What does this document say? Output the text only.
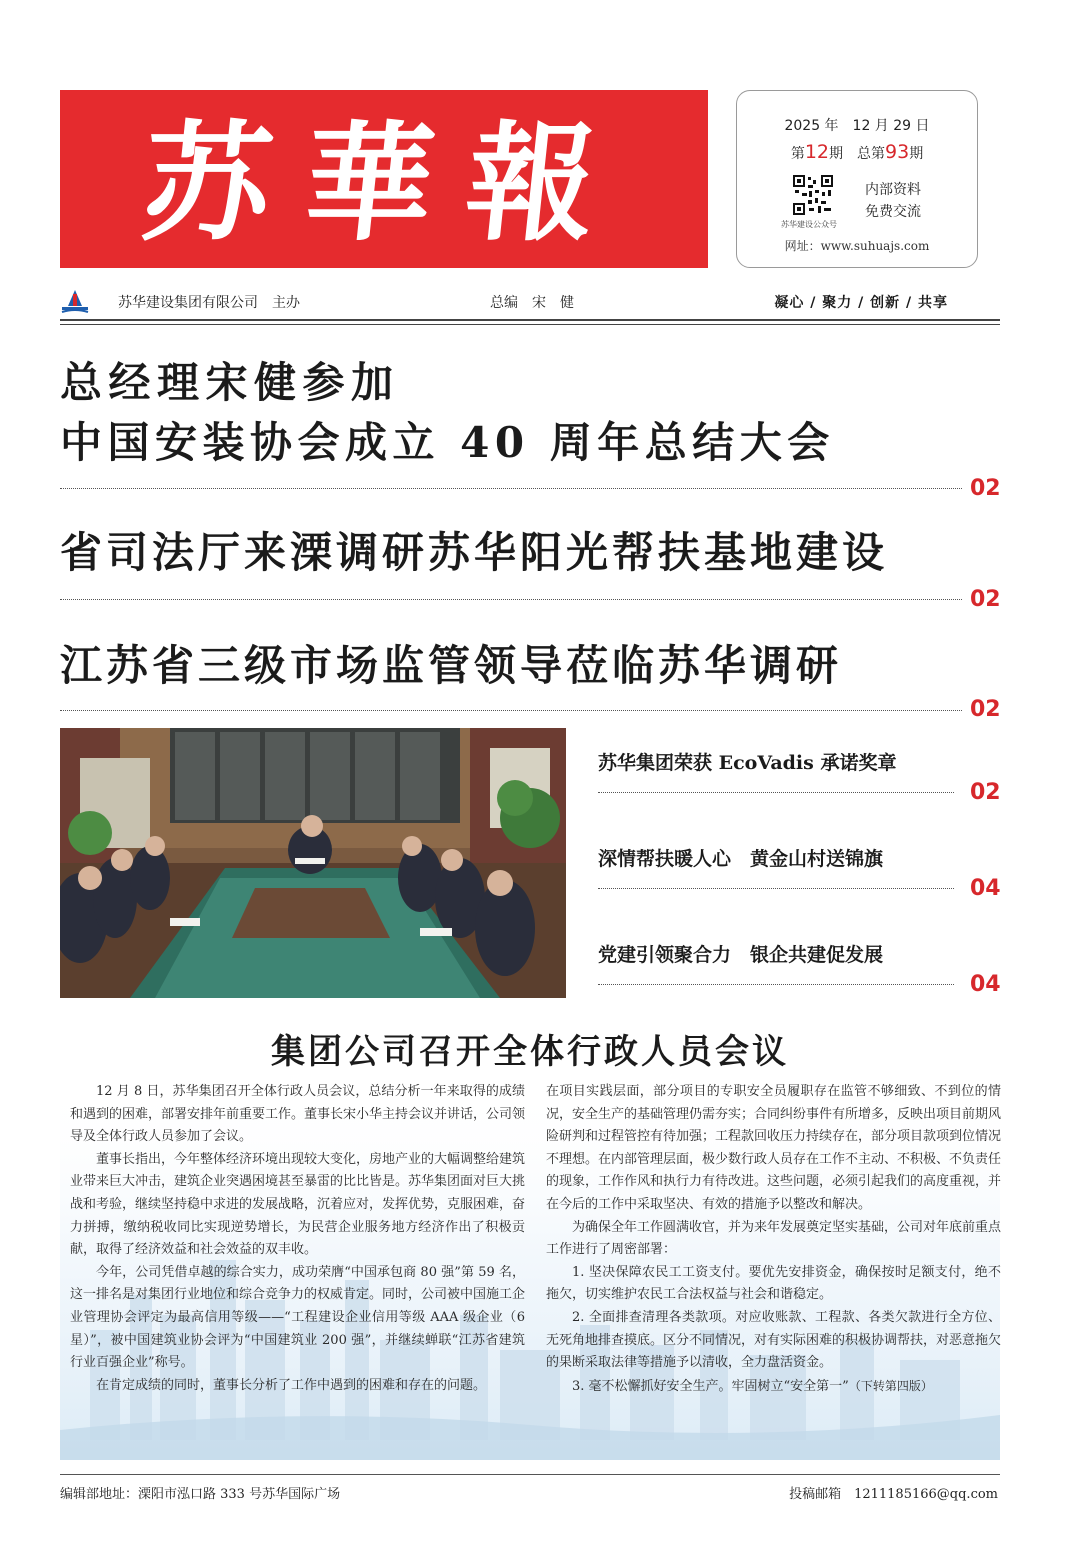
苏華報	2025 年　12 月 29 日
第12期　总第93期
苏华建设公众号
内部资料
免费交流
网址：www.suhuajs.com
苏华建设集团有限公司　主办	总编　宋　健	凝心 / 聚力 / 创新 / 共享
总经理宋健参加
中国安装协会成立 40 周年总结大会
02
省司法厅来溧调研苏华阳光帮扶基地建设
02
江苏省三级市场监管领导莅临苏华调研
02
苏华集团荣获 EcoVadis 承诺奖章
02
深情帮扶暖人心　黄金山村送锦旗
04
党建引领聚合力　银企共建促发展
04
集团公司召开全体行政人员会议

12 月 8 日，苏华集团召开全体行政人员会议，总结分析一年来取得的成绩和遇到的困难，部署安排年前重要工作。董事长宋小华主持会议并讲话，公司领导及全体行政人员参加了会议。

董事长指出，今年整体经济环境出现较大变化，房地产业的大幅调整给建筑业带来巨大冲击，建筑企业突遇困境甚至暴雷的比比皆是。苏华集团面对巨大挑战和考验，继续坚持稳中求进的发展战略，沉着应对，发挥优势，克服困难，奋力拼搏，缴纳税收同比实现逆势增长，为民营企业服务地方经济作出了积极贡献，取得了经济效益和社会效益的双丰收。

今年，公司凭借卓越的综合实力，成功荣膺“中国承包商 80 强”第 59 名，这一排名是对集团行业地位和综合竞争力的权威肯定。同时，公司被中国施工企业管理协会评定为最高信用等级——“工程建设企业信用等级 AAA 级企业（6 星）”，被中国建筑业协会评为“中国建筑业 200 强”，并继续蝉联“江苏省建筑行业百强企业”称号。

在肯定成绩的同时，董事长分析了工作中遇到的困难和存在的问题。

在项目实践层面，部分项目的专职安全员履职存在监管不够细致、不到位的情况，安全生产的基础管理仍需夯实；合同纠纷事件有所增多，反映出项目前期风险研判和过程管控有待加强；工程款回收压力持续存在，部分项目款项到位情况不理想。在内部管理层面，极少数行政人员存在工作不主动、不积极、不负责任的现象，工作作风和执行力有待改进。这些问题，必须引起我们的高度重视，并在今后的工作中采取坚决、有效的措施予以整改和解决。

为确保全年工作圆满收官，并为来年发展奠定坚实基础，公司对年底前重点工作进行了周密部署：

1. 坚决保障农民工工资支付。要优先安排资金，确保按时足额支付，绝不拖欠，切实维护农民工合法权益与社会和谐稳定。

2. 全面排查清理各类款项。对应收账款、工程款、各类欠款进行全方位、无死角地排查摸底。区分不同情况，对有实际困难的积极协调帮扶，对恶意拖欠的果断采取法律等措施予以清收，全力盘活资金。

3. 毫不松懈抓好安全生产。牢固树立“安全第一”（下转第四版）

编辑部地址：溧阳市泓口路 333 号苏华国际广场	投稿邮箱　1211185166@qq.com
